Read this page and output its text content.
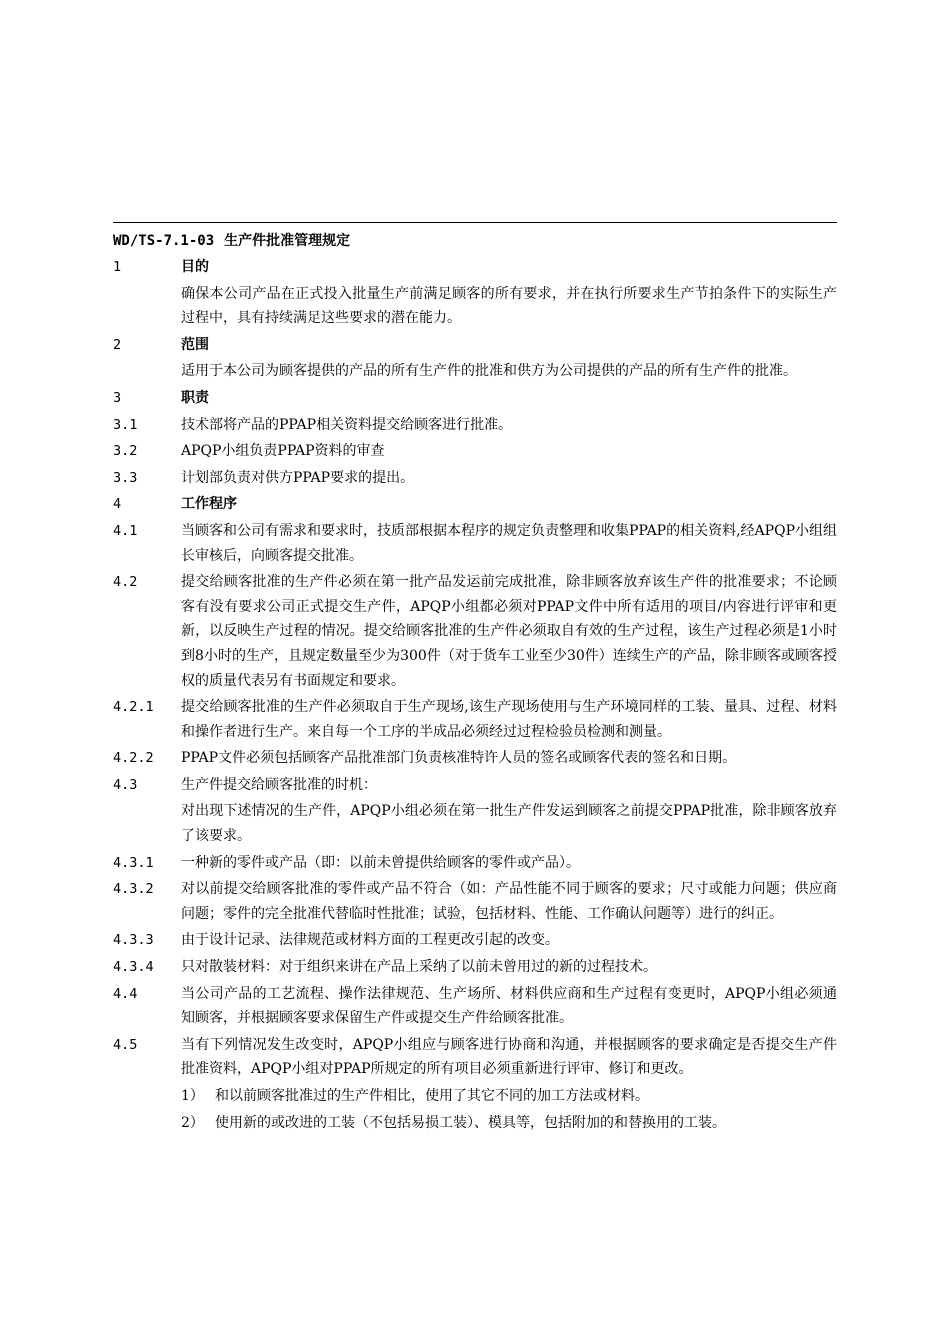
WD/TS-7.1-03 生产件批准管理规定
1	目的
确保本公司产品在正式投入批量生产前满足顾客的所有要求，并在执行所要求生产节拍条件下的实际生产过程中，具有持续满足这些要求的潜在能力。
2	范围
适用于本公司为顾客提供的产品的所有生产件的批准和供方为公司提供的产品的所有生产件的批准。
3	职责
3.1	技术部将产品的PPAP相关资料提交给顾客进行批准。
3.2	APQP小组负责PPAP资料的审查
3.3	计划部负责对供方PPAP要求的提出。
4	工作程序
4.1	当顾客和公司有需求和要求时，技质部根据本程序的规定负责整理和收集PPAP的相关资料,经APQP小组组长审核后，向顾客提交批准。
4.2	提交给顾客批准的生产件必须在第一批产品发运前完成批准，除非顾客放弃该生产件的批准要求；不论顾客有没有要求公司正式提交生产件，APQP小组都必须对PPAP文件中所有适用的项目/内容进行评审和更新，以反映生产过程的情况。提交给顾客批准的生产件必须取自有效的生产过程，该生产过程必须是1小时到8小时的生产，且规定数量至少为300件（对于货车工业至少30件）连续生产的产品，除非顾客或顾客授权的质量代表另有书面规定和要求。
4.2.1	提交给顾客批准的生产件必须取自于生产现场,该生产现场使用与生产环境同样的工装、量具、过程、材料和操作者进行生产。来自每一个工序的半成品必须经过过程检验员检测和测量。
4.2.2	PPAP文件必须包括顾客产品批准部门负责核准特许人员的签名或顾客代表的签名和日期。
4.3	生产件提交给顾客批准的时机：
对出现下述情况的生产件，APQP小组必须在第一批生产件发运到顾客之前提交PPAP批准，除非顾客放弃了该要求。
4.3.1	一种新的零件或产品（即：以前未曾提供给顾客的零件或产品）。
4.3.2	对以前提交给顾客批准的零件或产品不符合（如：产品性能不同于顾客的要求；尺寸或能力问题；供应商问题；零件的完全批准代替临时性批准；试验，包括材料、性能、工作确认问题等）进行的纠正。
4.3.3	由于设计记录、法律规范或材料方面的工程更改引起的改变。
4.3.4	只对散装材料：对于组织来讲在产品上采纳了以前未曾用过的新的过程技术。
4.4	当公司产品的工艺流程、操作法律规范、生产场所、材料供应商和生产过程有变更时，APQP小组必须通知顾客，并根据顾客要求保留生产件或提交生产件给顾客批准。
4.5	当有下列情况发生改变时，APQP小组应与顾客进行协商和沟通，并根据顾客的要求确定是否提交生产件批准资料，APQP小组对PPAP所规定的所有项目必须重新进行评审、修订和更改。
1） 和以前顾客批准过的生产件相比，使用了其它不同的加工方法或材料。
2） 使用新的或改进的工装（不包括易损工装）、模具等，包括附加的和替换用的工装。
